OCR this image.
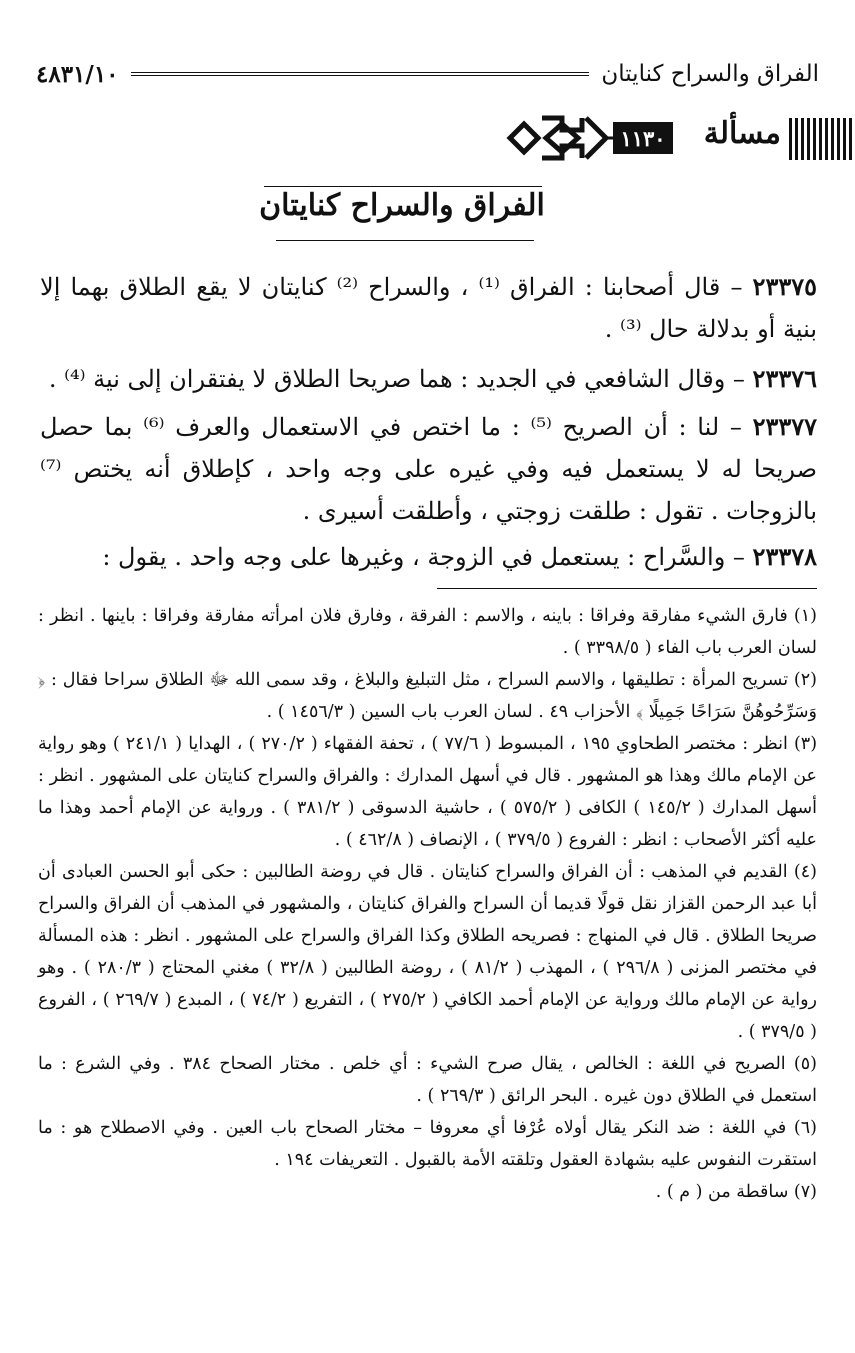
الفراق والسراح كنايتان
٤٨٣١/١٠
مسألة
١١٣٠
الفراق والسراح كنايتان
٢٣٣٧٥ – قال أصحابنا : الفراق ⁽¹⁾ ، والسراح ⁽²⁾ كنايتان لا يقع الطلاق بهما إلا بنية أو بدلالة حال ⁽³⁾ .
٢٣٣٧٦ – وقال الشافعي في الجديد : هما صريحا الطلاق لا يفتقران إلى نية ⁽⁴⁾ .
٢٣٣٧٧ – لنا : أن الصريح ⁽⁵⁾ : ما اختص في الاستعمال والعرف ⁽⁶⁾ بما حصل صريحا له لا يستعمل فيه وفي غيره على وجه واحد ، كإطلاق أنه يختص ⁽⁷⁾ بالزوجات . تقول : طلقت زوجتي ، وأطلقت أسيرى .
٢٣٣٧٨ – والسَّراح : يستعمل في الزوجة ، وغيرها على وجه واحد . يقول :

(١) فارق الشيء مفارقة وفراقا : باينه ، والاسم : الفرقة ، وفارق فلان امرأته مفارقة وفراقا : باينها . انظر : لسان العرب باب الفاء ( ٣٣٩٨/٥ ) .

(٢) تسريح المرأة : تطليقها ، والاسم السراح ، مثل التبليغ والبلاغ ، وقد سمى الله ﷻ الطلاق سراحا فقال : ﴿ وَسَرِّحُوهُنَّ سَرَاحًا جَمِيلًا ﴾ الأحزاب ٤٩ . لسان العرب باب السين ( ١٤٥٦/٣ ) .

(٣) انظر : مختصر الطحاوي ١٩٥ ، المبسوط ( ٧٧/٦ ) ، تحفة الفقهاء ( ٢٧٠/٢ ) ، الهدايا ( ٢٤١/١ ) وهو رواية عن الإمام مالك وهذا هو المشهور . قال في أسهل المدارك : والفراق والسراح كنايتان على المشهور . انظر : أسهل المدارك ( ١٤٥/٢ ) الكافى ( ٥٧٥/٢ ) ، حاشية الدسوقى ( ٣٨١/٢ ) . ورواية عن الإمام أحمد وهذا ما عليه أكثر الأصحاب : انظر : الفروع ( ٣٧٩/٥ ) ، الإنصاف ( ٤٦٢/٨ ) .

(٤) القديم في المذهب : أن الفراق والسراح كنايتان . قال في روضة الطالبين : حكى أبو الحسن العبادى أن أبا عبد الرحمن القزاز نقل قولًا قديما أن السراح والفراق كنايتان ، والمشهور في المذهب أن الفراق والسراح صريحا الطلاق . قال في المنهاج : فصريحه الطلاق وكذا الفراق والسراح على المشهور . انظر : هذه المسألة في مختصر المزنى ( ٢٩٦/٨ ) ، المهذب ( ٨١/٢ ) ، روضة الطالبين ( ٣٢/٨ ) مغني المحتاج ( ٢٨٠/٣ ) . وهو رواية عن الإمام مالك ورواية عن الإمام أحمد الكافي ( ٢٧٥/٢ ) ، التفريع ( ٧٤/٢ ) ، المبدع ( ٢٦٩/٧ ) ، الفروع ( ٣٧٩/٥ ) .

(٥) الصريح في اللغة : الخالص ، يقال صرح الشيء : أي خلص . مختار الصحاح ٣٨٤ . وفي الشرع : ما استعمل في الطلاق دون غيره . البحر الرائق ( ٢٦٩/٣ ) .

(٦) في اللغة : ضد النكر يقال أولاه عُرْفا أي معروفا – مختار الصحاح باب العين . وفي الاصطلاح هو : ما استقرت النفوس عليه بشهادة العقول وتلقته الأمة بالقبول . التعريفات ١٩٤ .

(٧) ساقطة من ( م ) .
